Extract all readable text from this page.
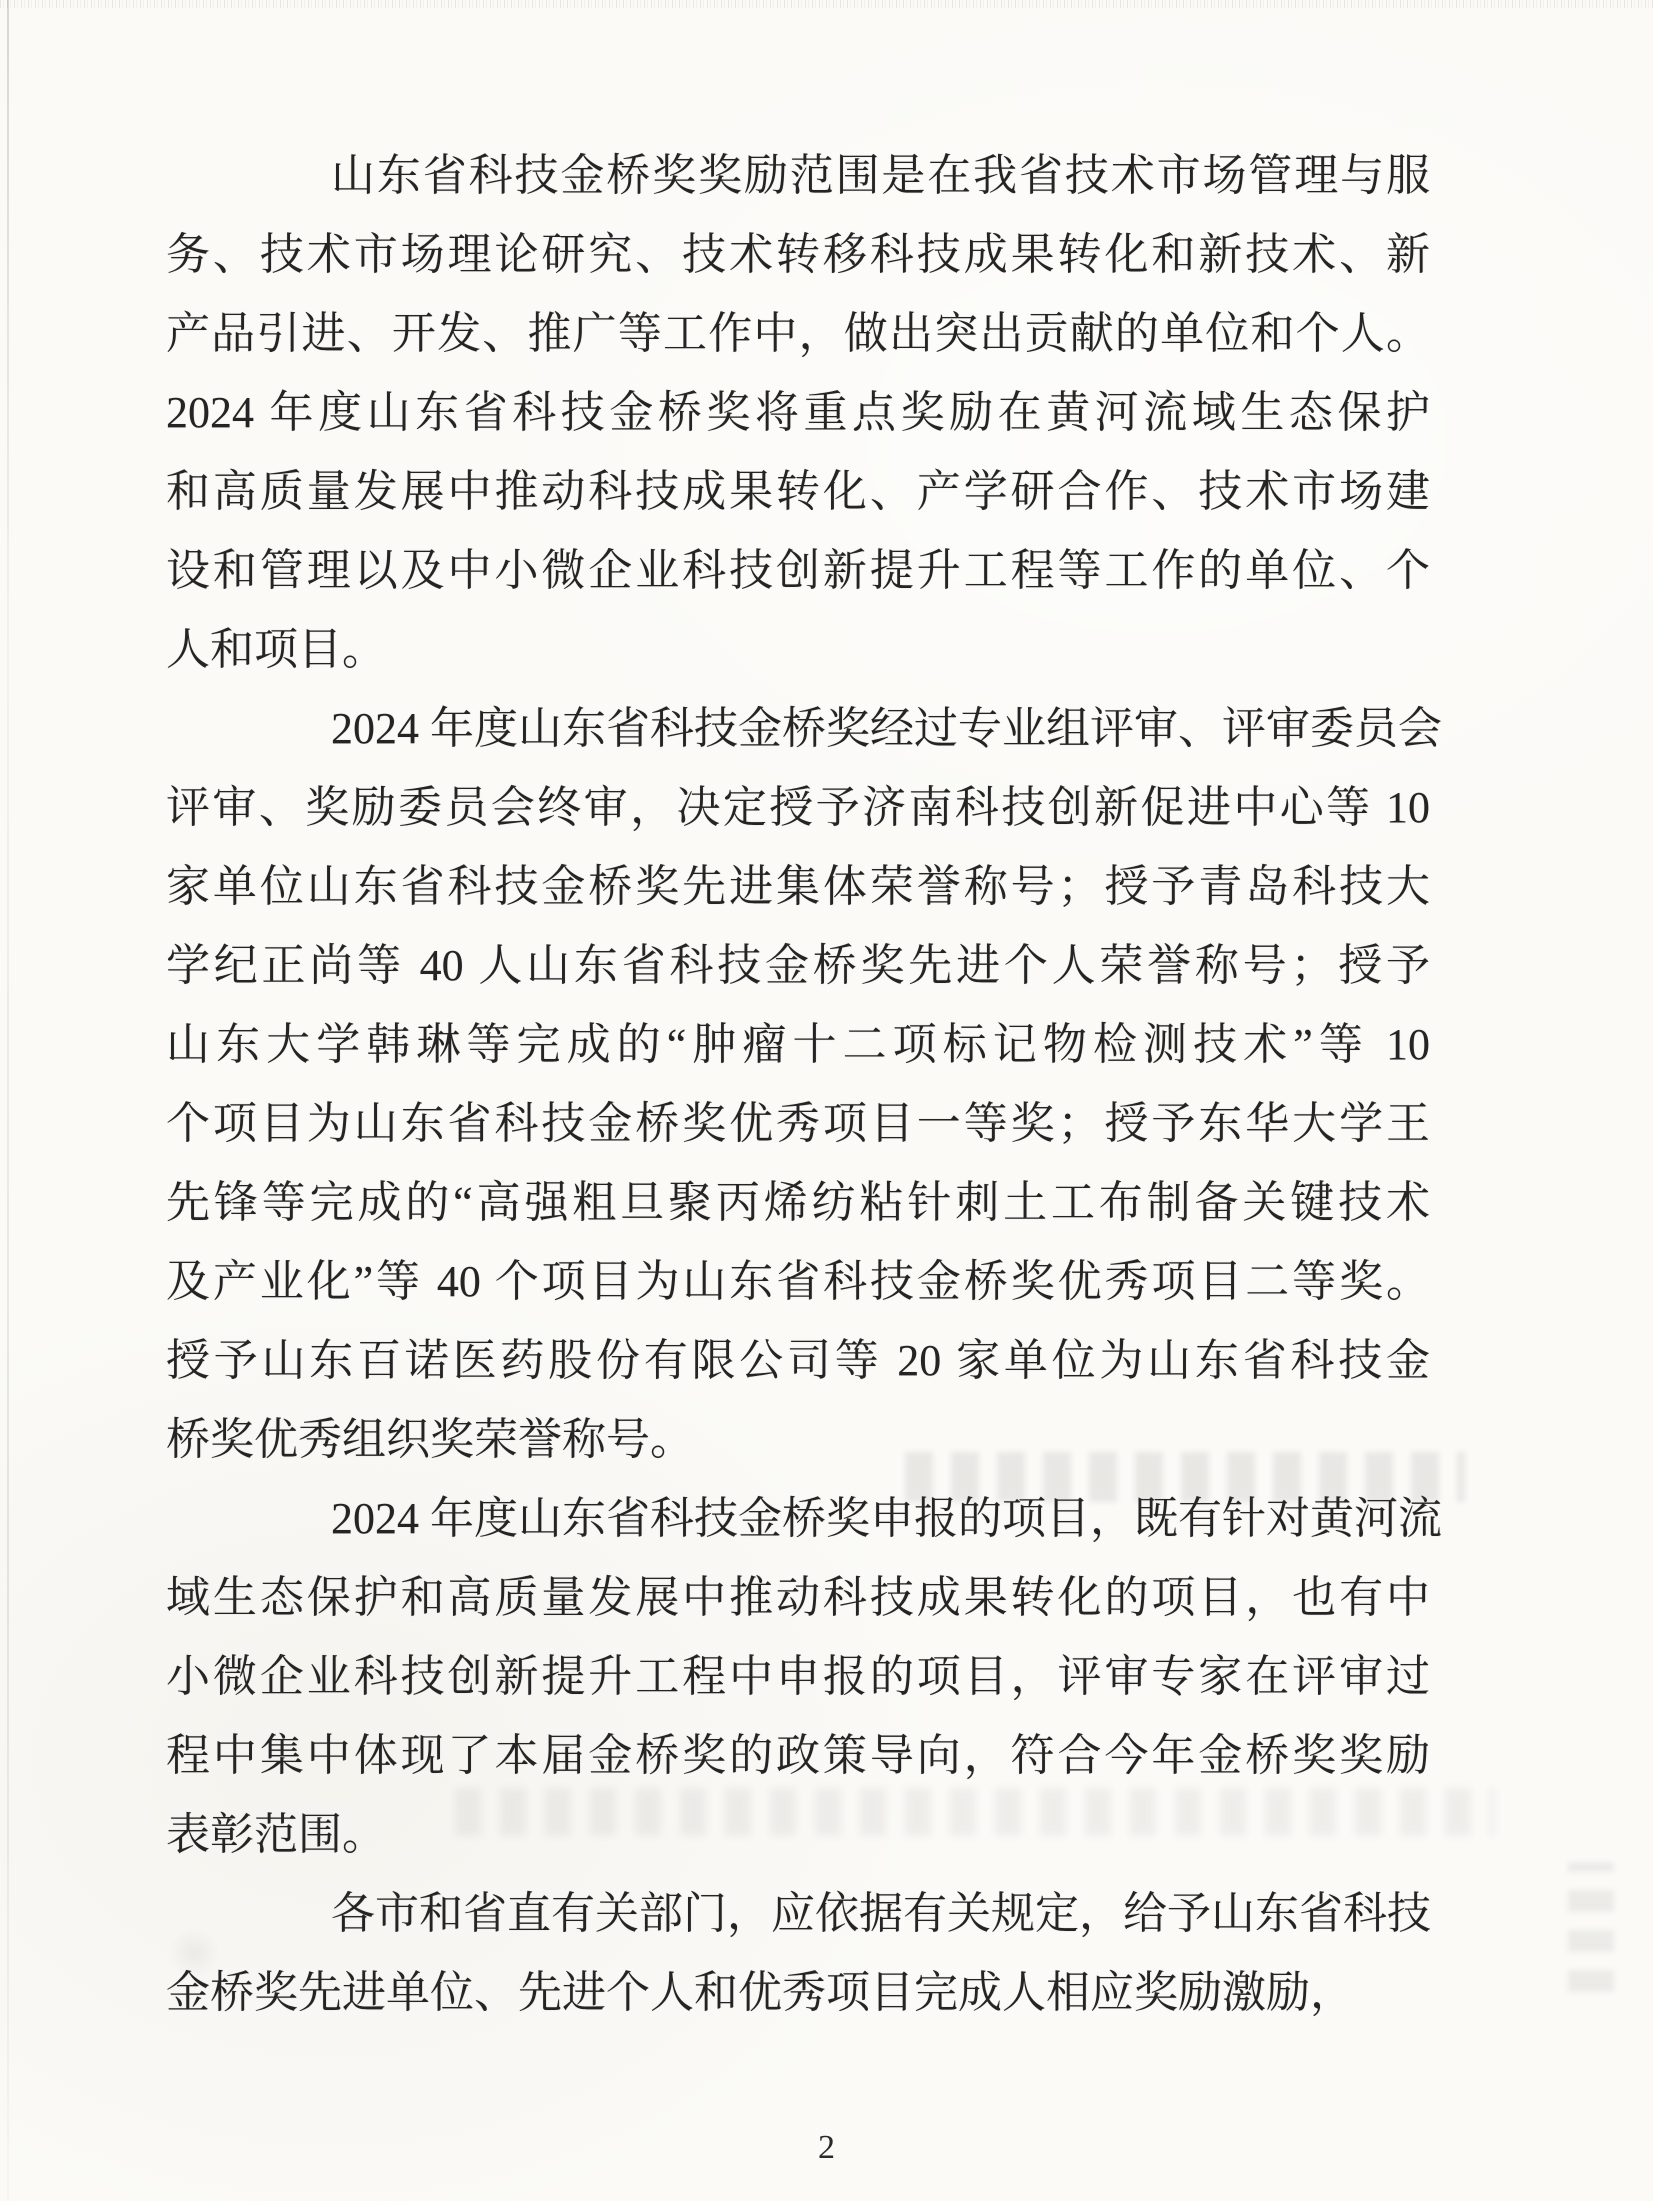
山东省科技金桥奖奖励范围是在我省技术市场管理与服
务、技术市场理论研究、技术转移科技成果转化和新技术、新
产品引进、开发、推广等工作中，做出突出贡献的单位和个人。
2024 年度山东省科技金桥奖将重点奖励在黄河流域生态保护
和高质量发展中推动科技成果转化、产学研合作、技术市场建
设和管理以及中小微企业科技创新提升工程等工作的单位、个
人和项目。
2024 年度山东省科技金桥奖经过专业组评审、评审委员会
评审、奖励委员会终审，决定授予济南科技创新促进中心等 10
家单位山东省科技金桥奖先进集体荣誉称号；授予青岛科技大
学纪正尚等 40 人山东省科技金桥奖先进个人荣誉称号；授予
山东大学韩琳等完成的“肿瘤十二项标记物检测技术”等 10
个项目为山东省科技金桥奖优秀项目一等奖；授予东华大学王
先锋等完成的“高强粗旦聚丙烯纺粘针刺土工布制备关键技术
及产业化”等 40 个项目为山东省科技金桥奖优秀项目二等奖。
授予山东百诺医药股份有限公司等 20 家单位为山东省科技金
桥奖优秀组织奖荣誉称号。
2024 年度山东省科技金桥奖申报的项目，既有针对黄河流
域生态保护和高质量发展中推动科技成果转化的项目，也有中
小微企业科技创新提升工程中申报的项目，评审专家在评审过
程中集中体现了本届金桥奖的政策导向，符合今年金桥奖奖励
表彰范围。
各市和省直有关部门，应依据有关规定，给予山东省科技
金桥奖先进单位、先进个人和优秀项目完成人相应奖励激励，
2
